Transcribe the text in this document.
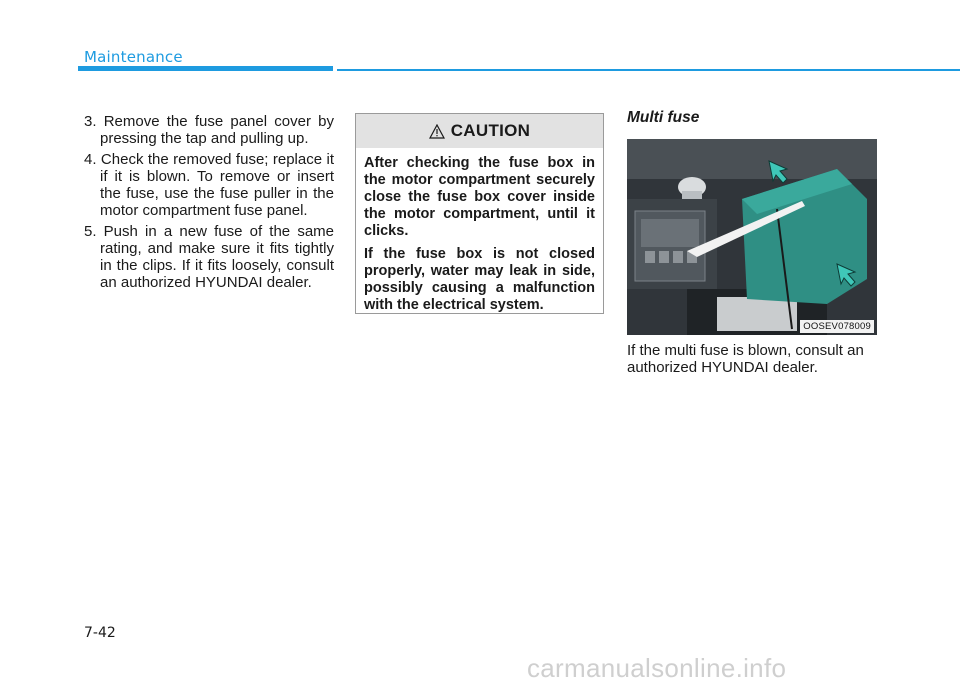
Maintenance
3. Remove the fuse panel cover by pressing the tap and pulling up.
4. Check the removed fuse; replace it if it is blown. To remove or insert the fuse, use the fuse puller in the motor compartment fuse panel.
5. Push in a new fuse of the same rating, and make sure it fits tightly in the clips. If it fits loosely, consult an authorized HYUNDAI dealer.
CAUTION

After checking the fuse box in the motor compartment securely close the fuse box cover inside the motor compartment, until it clicks.

If the fuse box is not closed properly, water may leak in side, possibly causing a malfunction with the electrical system.

Multi fuse
OOSEV078009

If the multi fuse is blown, consult an authorized HYUNDAI dealer.

7-42
carmanualsonline.info
